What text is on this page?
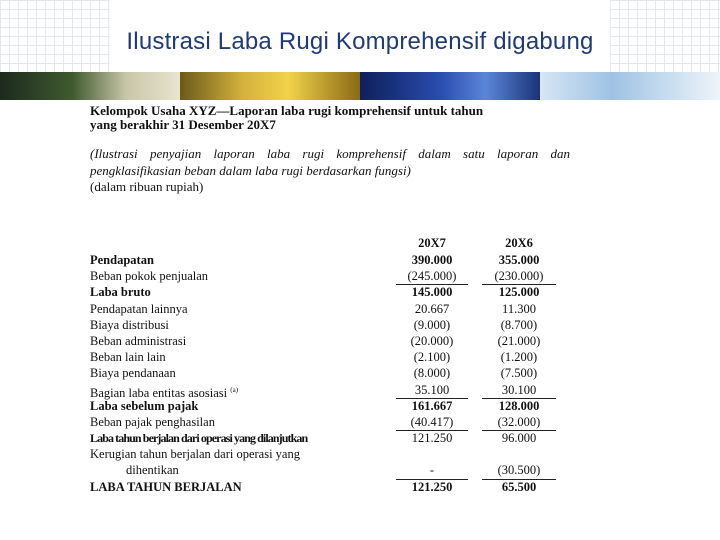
Ilustrasi Laba Rugi Komprehensif digabung
Kelompok Usaha XYZ—Laporan laba rugi komprehensif untuk tahun
yang berakhir 31 Desember 20X7
(Ilustrasi penyajian laporan laba rugi komprehensif dalam satu laporan dan pengklasifikasian beban dalam laba rugi berdasarkan fungsi)
(dalam ribuan rupiah)
20X7	20X6
Pendapatan	390.000	355.000
Beban pokok penjualan	(245.000)	(230.000)
Laba bruto	145.000	125.000
Pendapatan lainnya	20.667	11.300
Biaya distribusi	(9.000)	(8.700)
Beban administrasi	(20.000)	(21.000)
Beban lain lain	(2.100)	(1.200)
Biaya pendanaan	(8.000)	(7.500)
Bagian laba entitas asosiasi $^{(a)}$	35.100	30.100
Laba sebelum pajak	161.667	128.000
Beban pajak penghasilan	(40.417)	(32.000)
Laba tahun berjalan dari operasi yang dilanjutkan	121.250	96.000
Kerugian tahun berjalan dari operasi yang
dihentikan	-	(30.500)
LABA TAHUN BERJALAN	121.250	65.500
